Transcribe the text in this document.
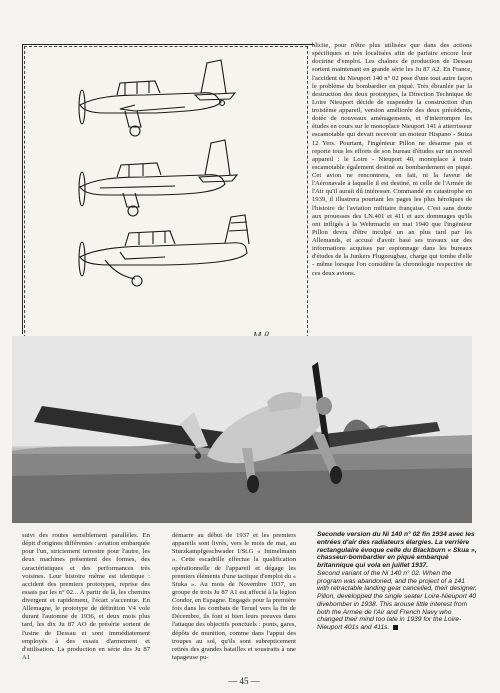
blicite, pour n'être plus utilisées que dans des actions spécifiques et très localisées afin de parfaire encore leur doctrine d'emploi. Les chaînes de production de Dessau sortent maintenant en grande série les Ju 87 A2. En France, l'accident du Nieuport 140 n° 02 pose d'une tout autre façon le problème du bombardier en piqué. Très ébranlée par la destruction des deux prototypes, la Direction Technique de Loire Nieuport décide de suspendre la construction d'un troisième appareil, version améliorée des deux précédents, dotée de nouveaux aménagements, et d'interrompre les études en cours sur le monoplace Nieuport 141 à atterrisseur escamotable qui devait recevoir un moteur Hispano - Suiza 12 Yers. Pourtant, l'ingénieur Pillon ne désarme pas et reporte tous les efforts de son bureau d'études sur un nouvel appareil : le Loire - Nieuport 40, monoplace à train escamotable également destiné au bombardement en piqué. Cet avion ne rencontrera, en fait, ni la faveur de l'Aéronavale à laquelle il est destiné, ni celle de l'Armée de l'Air qu'il aurait dû intéresser. Commandé en catastrophe en 1939, il illustrera pourtant les pages les plus héroïques de l'histoire de l'aviation militaire française. C'est sans doute aux prouesses des LN.401 et 411 et aux dommages qu'ils ont infligés à la Wehrmacht en mai 1940 que l'ingénieur Pillon devra d'être inculpé un an plus tard par les Allemands, et accusé d'avoir basé ses travaux sur des informations acquises par espionnage dans les bureaux d'études de la Junkers Flugzeugbau, charge qui tombe d'elle - même lorsque l'on considère la chronologie respective de ces deux avions.
suivi des routes sensiblement parallèles. En dépit d'origines différentes : aviation embarquée pour l'un, strictement terrestre pour l'autre, les deux machines présentent des formes, des caractéristiques et des performances très voisines. Leur histoire même est identique : accident des premiers prototypes, reprise des essais par les n° 02... À partir de là, les chemins divergent et rapidement, l'écart s'accentue. En Allemagne, le prototype de définition V4 vole durant l'automne de 1936, et deux mois plus tard, les dix Ju 87 AO de présérie sortent de l'usine de Dessau et sont immédiatement employés à des essais d'armement et d'utilisation. La production en série des Ju 87 A1
démarre au début de 1937 et les premiers appareils sont livrés, vers le mois de mai, au Sturzkampfgeschwader I/St.G « Immelmann ». Cette escadrille effectue la qualification opérationnelle de l'appareil et dégage les premiers éléments d'une tactique d'emploi du « Stuka ». Au mois de Novembre 1937, un groupe de trois Ju 87 A1 est affecté à la légion Condor, en Espagne. Engagés pour la première fois dans les combats de Teruel vers la fin de Décembre, ils font si bien leurs preuves dans l'attaque des objectifs ponctuels : ponts, gares, dépôts de munition, comme dans l'appui des troupes au sol, qu'ils sont subrepticement retirés des grandes batailles et soustraits à une tapageuse pu-
Seconde version du Ni 140 n° 02 fin 1934 avec les entrées d'air des radiateurs élargies. La verrière rectangulaire évoque celle du Blackburn « Skua », chasseur-bombardier en piqué embarqué britannique qui vola en juillet 1937.
Second variant of the Ni 140 n° 02. When the program was abandoned, and the project of a 141 with retractable landing gear cancelled, their designer, Pillon, developped the single seater Loire-Nieuport 40 divebomber in 1938. This arouse little interest from both the Armée de l'Air and French Navy who changed their mind too late in 1939 for the Loire-Nieuport 401s and 411s.
— 45 —
